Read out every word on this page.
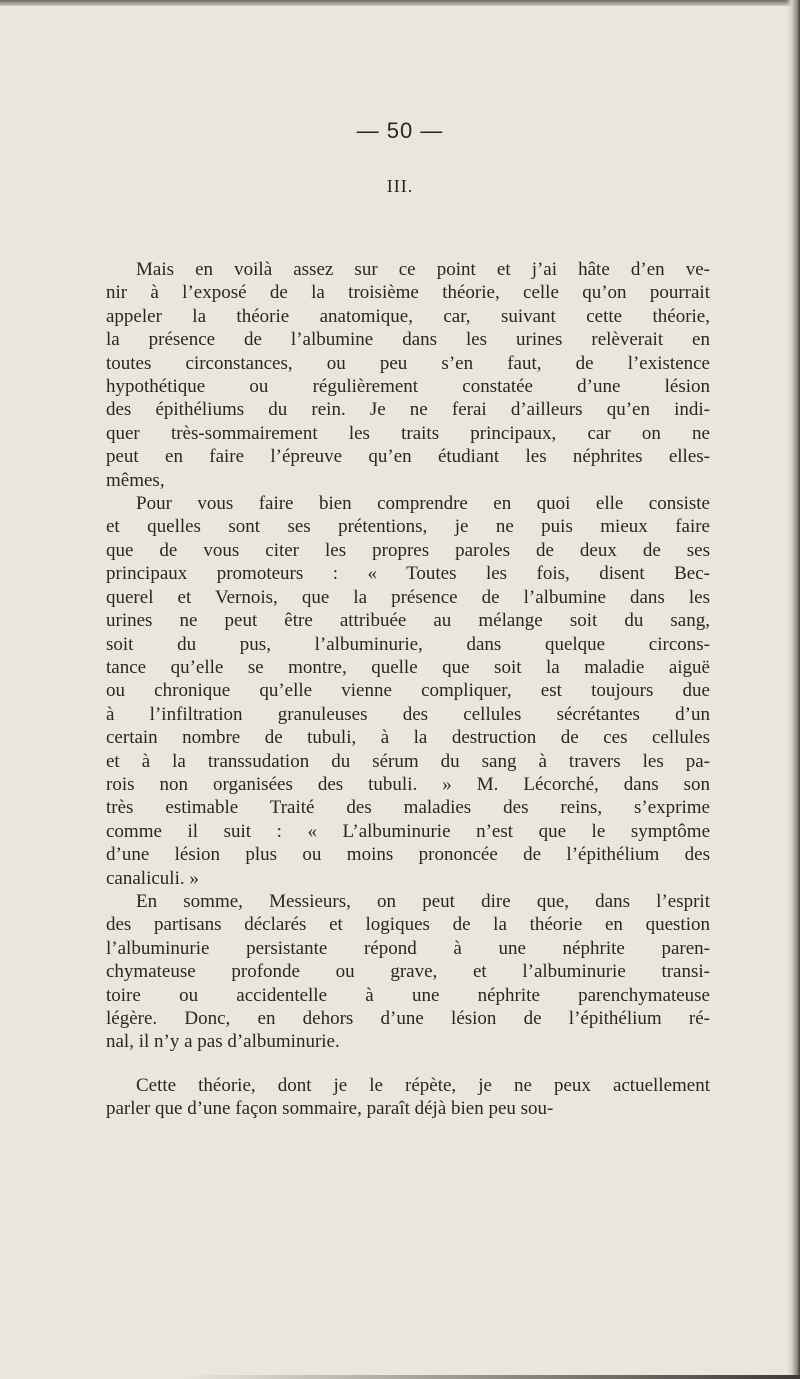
— 50 —
III.

Mais en voilà assez sur ce point et j’ai hâte d’en ve-
nir à l’exposé de la troisième théorie, celle qu’on pourrait
appeler la théorie anatomique, car, suivant cette théorie,
la présence de l’albumine dans les urines relèverait en
toutes circonstances, ou peu s’en faut, de l’existence
hypothétique ou régulièrement constatée d’une lésion
des épithéliums du rein. Je ne ferai d’ailleurs qu’en indi-
quer très-sommairement les traits principaux, car on ne
peut en faire l’épreuve qu’en étudiant les néphrites elles-
mêmes,

Pour vous faire bien comprendre en quoi elle consiste
et quelles sont ses prétentions, je ne puis mieux faire
que de vous citer les propres paroles de deux de ses
principaux promoteurs : « Toutes les fois, disent Bec-
querel et Vernois, que la présence de l’albumine dans les
urines ne peut être attribuée au mélange soit du sang,
soit du pus, l’albuminurie, dans quelque circons-
tance qu’elle se montre, quelle que soit la maladie aiguë
ou chronique qu’elle vienne compliquer, est toujours due
à l’infiltration granuleuses des cellules sécrétantes d’un
certain nombre de tubuli, à la destruction de ces cellules
et à la transsudation du sérum du sang à travers les pa-
rois non organisées des tubuli. » M. Lécorché, dans son
très estimable Traité des maladies des reins, s’exprime
comme il suit : « L’albuminurie n’est que le symptôme
d’une lésion plus ou moins prononcée de l’épithélium des
canaliculi. »

En somme, Messieurs, on peut dire que, dans l’esprit
des partisans déclarés et logiques de la théorie en question
l’albuminurie persistante répond à une néphrite paren-
chymateuse profonde ou grave, et l’albuminurie transi-
toire ou accidentelle à une néphrite parenchymateuse
légère. Donc, en dehors d’une lésion de l’épithélium ré-
nal, il n’y a pas d’albuminurie.

Cette théorie, dont je le répète, je ne peux actuellement
parler que d’une façon sommaire, paraît déjà bien peu sou-
